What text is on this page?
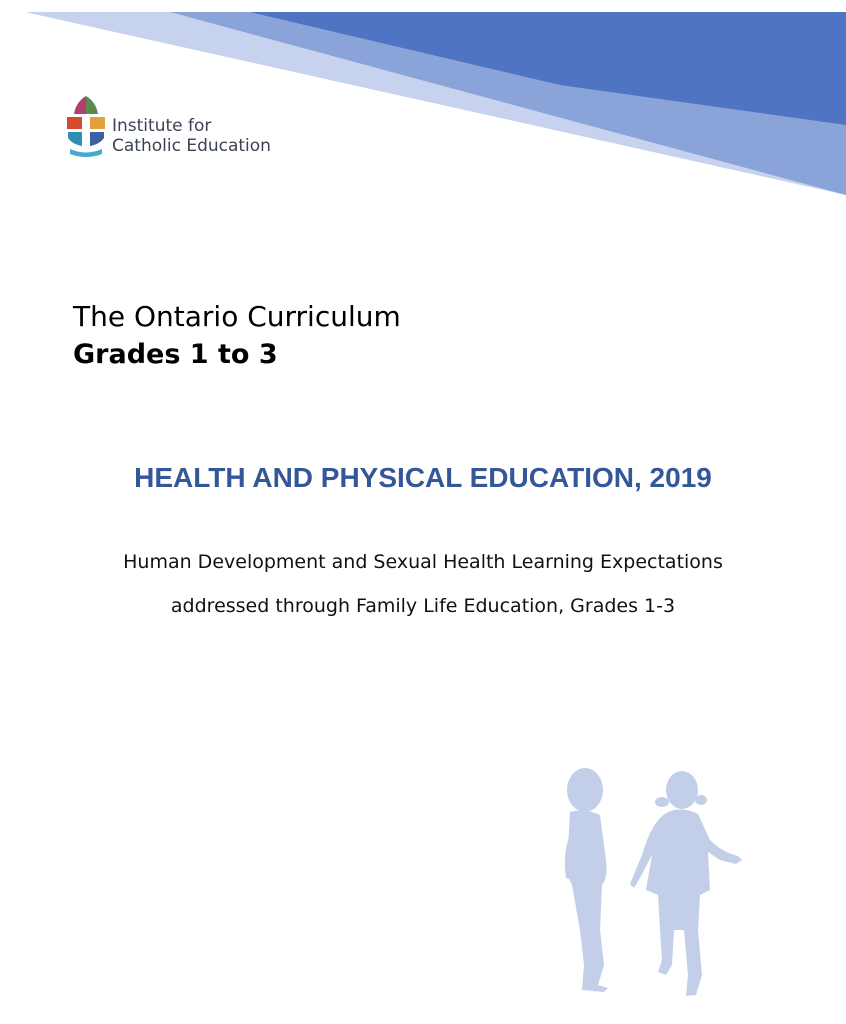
Institute for
Catholic Education
The Ontario Curriculum
Grades 1 to 3
HEALTH AND PHYSICAL EDUCATION, 2019
Human Development and Sexual Health Learning Expectations
addressed through Family Life Education, Grades 1-3
